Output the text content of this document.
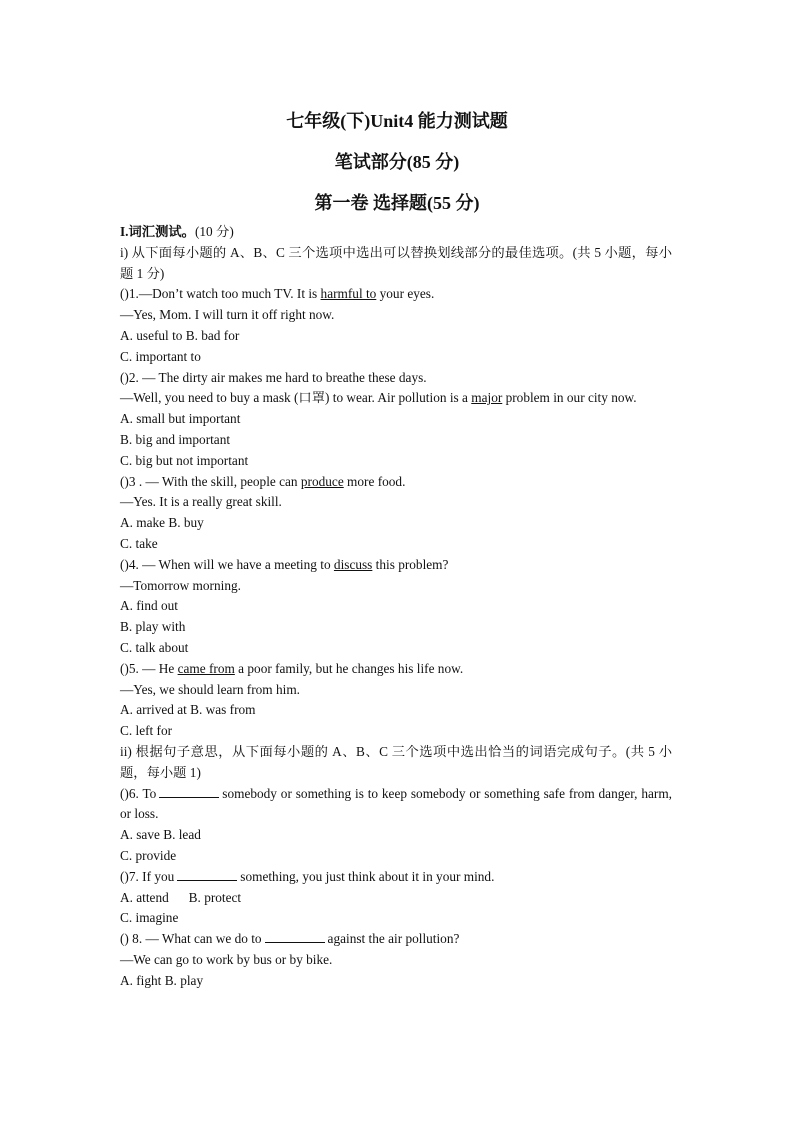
七年级(下)Unit4 能力测试题
笔试部分(85 分)
第一卷 选择题(55 分)
I.词汇测试。(10 分)
i) 从下面每小题的 A、B、C 三个选项中选出可以替换划线部分的最佳选项。(共 5 小题，每小题 1 分)
()1.—Don’t watch too much TV. It is harmful to your eyes.
—Yes, Mom. I will turn it off right now.
A. useful to B. bad for
C. important to
()2. — The dirty air makes me hard to breathe these days.
—Well, you need to buy a mask (口罩) to wear. Air pollution is a major problem in our city now.
A. small but important
B. big and important
C. big but not important
()3 . — With the skill, people can produce more food.
—Yes. It is a really great skill.
A. make B. buy
C. take
()4. — When will we have a meeting to discuss this problem?
—Tomorrow morning.
A. find out
B. play with
C. talk about
()5. — He came from a poor family, but he changes his life now.
—Yes, we should learn from him.
A. arrived at B. was from
C. left for
ii) 根据句子意思，从下面每小题的 A、B、C 三个选项中选出恰当的词语完成句子。(共 5 小题，每小题 1)
()6. To	somebody or something is to keep somebody or something safe from danger, harm, or loss.
A. save B. lead
C. provide
()7. If you	something, you just think about it in your mind.
A. attend      B. protect
C. imagine
() 8. — What can we do to	against the air pollution?
—We can go to work by bus or by bike.
A. fight B. play
